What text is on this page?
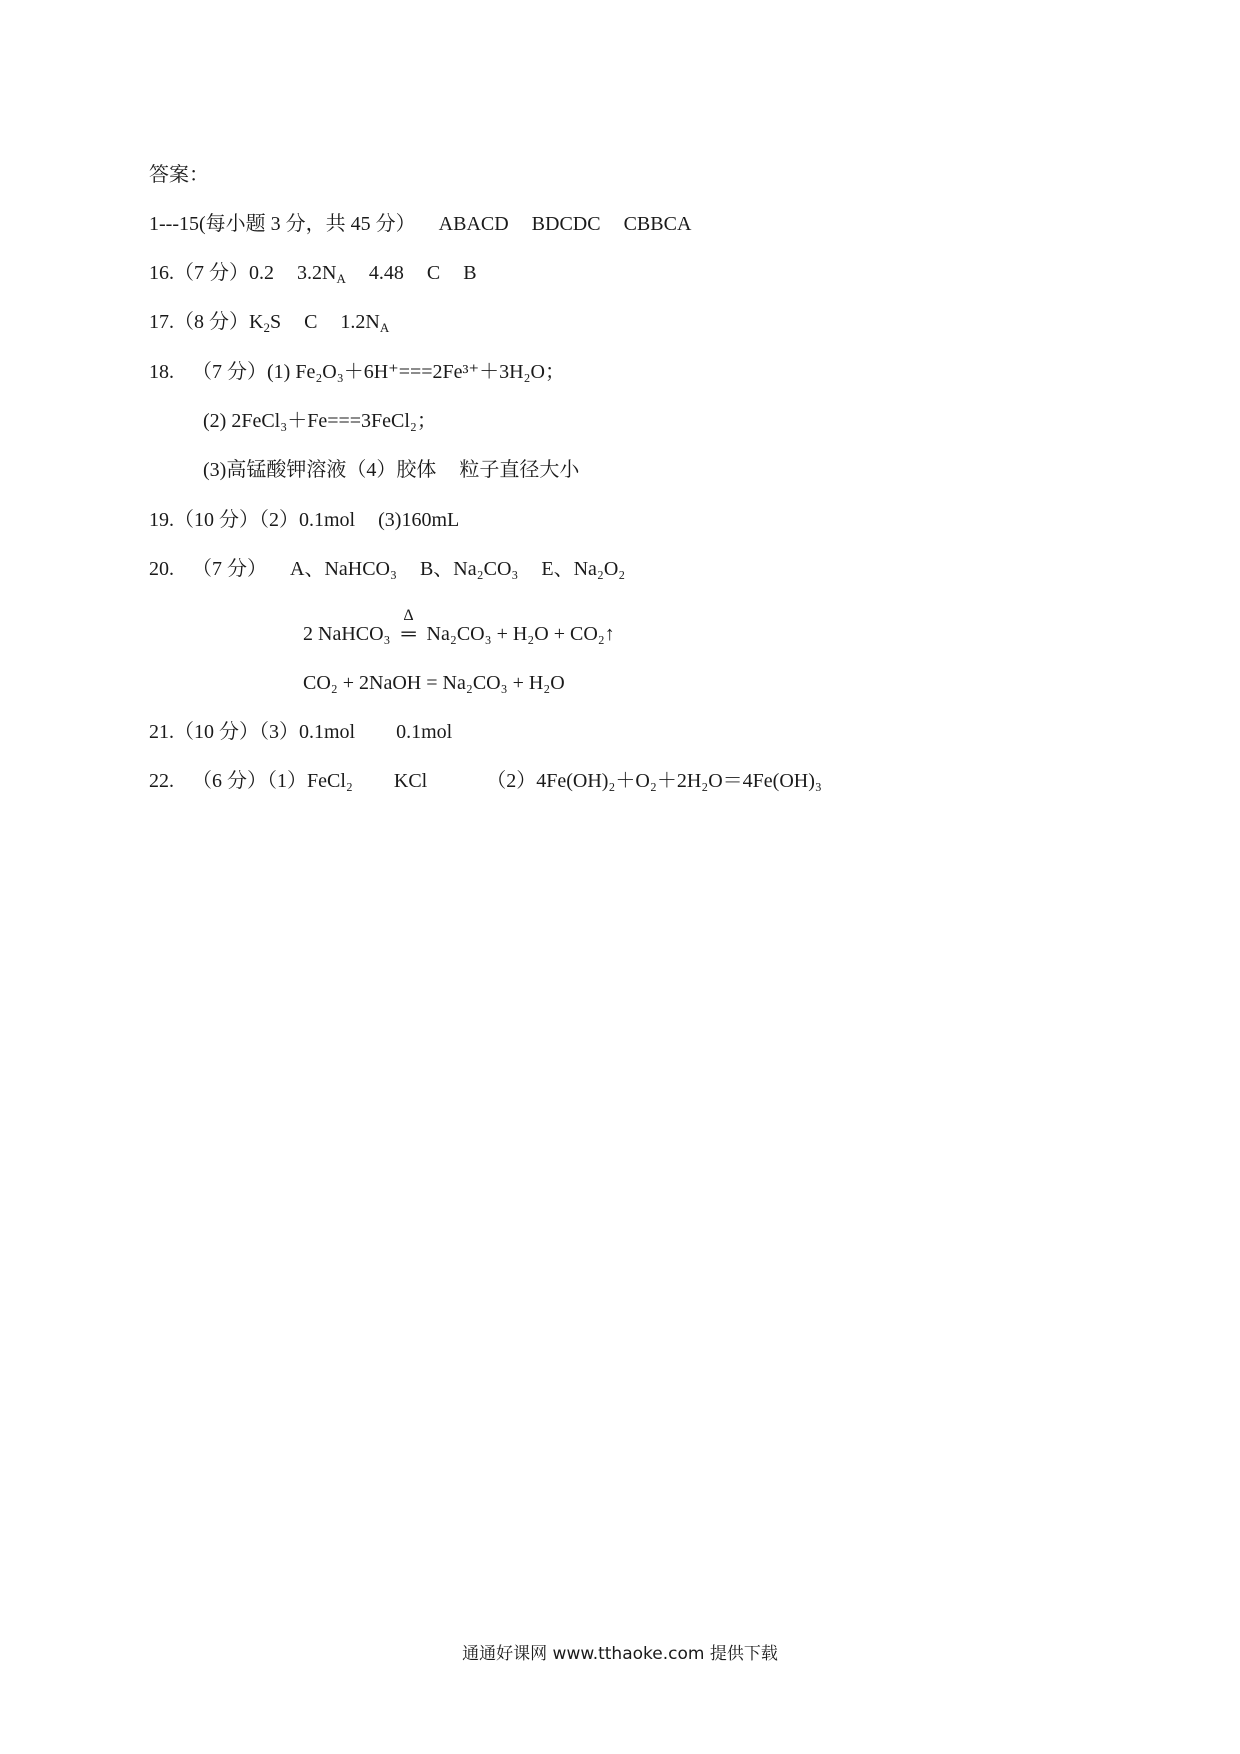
答案：
1---15(每小题 3 分，共 45 分） ABACD BDCDC CBBCA
16.（7 分）0.2 $3.2N_A$ 4.48 C B
17.（8 分）$K_2S$ C $1.2N_A$
18. （7 分）(1) Fe₂O₃＋6H⁺===2Fe³⁺＋3H₂O；
(2) 2FeCl₃＋Fe===3FeCl₂；
(3)高锰酸钾溶液（4）胶体 粒子直径大小
19.（10 分）（2）0.1mol (3)160mL
20. （7 分） A、NaHCO₃ B、Na₂CO₃ E、Na₂O₂
2 NaHCO₃
Δ
═ Na₂CO₃ + H₂O + CO₂↑
CO₂ + 2NaOH = Na₂CO₃ + H₂O
21.（10 分）（3）0.1mol 0.1mol
22. （6 分）（1）FeCl₂ KCl	（2）4Fe(OH)₂＋O₂＋2H₂O＝4Fe(OH)₃
通通好课网 www.tthaoke.com 提供下载
